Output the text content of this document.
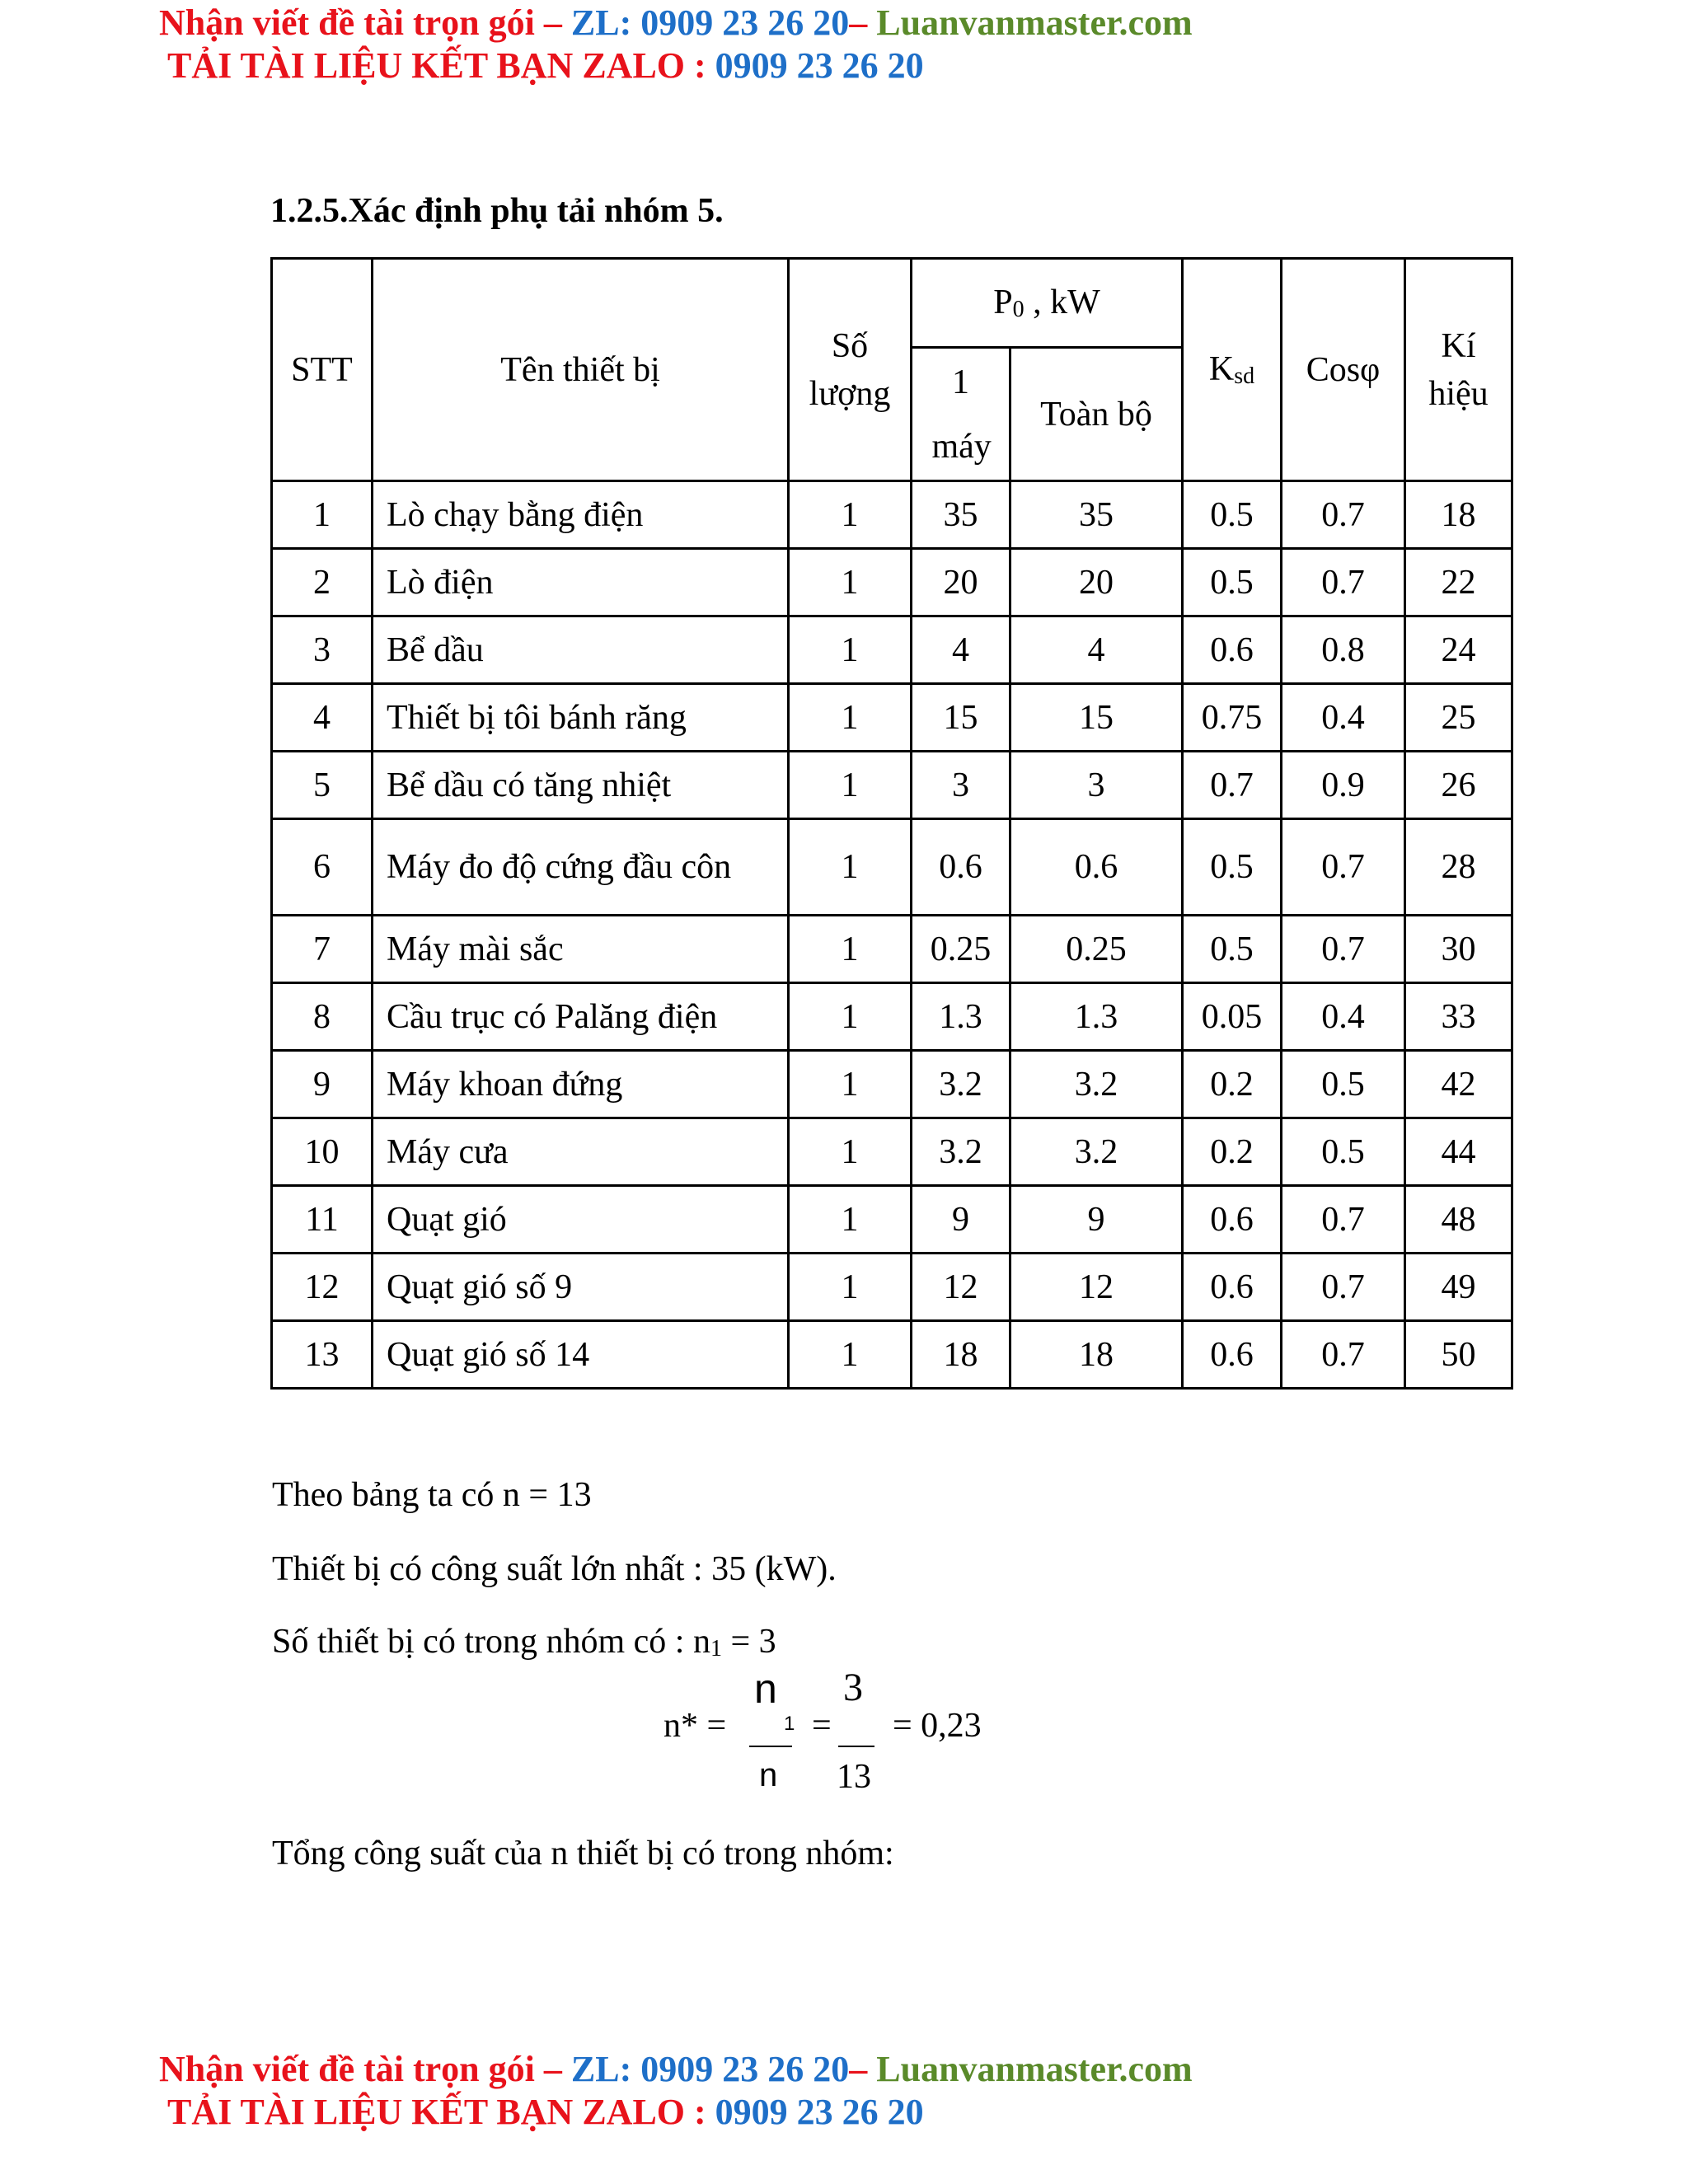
Nhận viết đề tài trọn gói – ZL: 0909 23 26 20– Luanvanmaster.com
TẢI TÀI LIỆU KẾT BẠN ZALO : 0909 23 26 20
1.2.5.Xác định phụ tải nhóm 5.
STT	Tên thiết bị	Số lượng	$P_0$ , kW		$K_{sd}$	Cosφ	Kí hiệu
			1 máy	Toàn bộ			
1	Lò chạy bằng điện	1	35	35	0.5	0.7	18
2	Lò điện	1	20	20	0.5	0.7	22
3	Bể dầu	1	4	4	0.6	0.8	24
4	Thiết bị tôi bánh răng	1	15	15	0.75	0.4	25
5	Bể dầu có tăng nhiệt	1	3	3	0.7	0.9	26
6	Máy đo độ cứng đầu côn	1	0.6	0.6	0.5	0.7	28
7	Máy mài sắc	1	0.25	0.25	0.5	0.7	30
8	Cầu trục có Palăng điện	1	1.3	1.3	0.05	0.4	33
9	Máy khoan đứng	1	3.2	3.2	0.2	0.5	42
10	Máy cưa	1	3.2	3.2	0.2	0.5	44
11	Quạt gió	1	9	9	0.6	0.7	48
12	Quạt gió số 9	1	12	12	0.6	0.7	49
13	Quạt gió số 14	1	18	18	0.6	0.7	50
Theo bảng ta có n = 13
Thiết bị có công suất lớn nhất : 35 (kW).
Số thiết bị có trong nhóm có : $n_1 = 3$
n* =
n
1
n
=
3
13
= 0,23
Tổng công suất của n thiết bị có trong nhóm:
Nhận viết đề tài trọn gói – ZL: 0909 23 26 20– Luanvanmaster.com
TẢI TÀI LIỆU KẾT BẠN ZALO : 0909 23 26 20
